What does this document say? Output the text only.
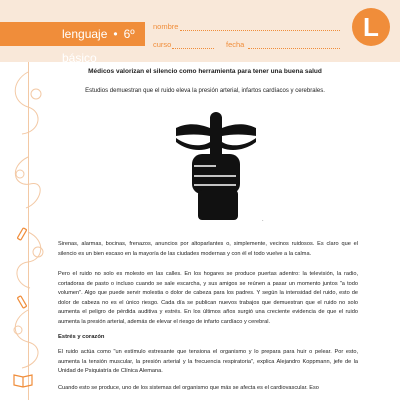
lenguaje • 6º básico
nombre
curso	fecha
L
Médicos valorizan el silencio como herramienta para tener una buena salud
Estudios demuestran que el ruido eleva la presión arterial, infartos cardíacos y cerebrales.
·
Sirenas, alarmas, bocinas, frenazos, anuncios por altoparlantes o, simplemente, vecinos ruidosos. Es claro que el silencio es un bien escaso en la mayoría de las ciudades modernas y con él el todo vuelve a la calma.
Pero el ruido no solo es molesto en las calles. En los hogares se produce puertas adentro: la televisión, la radio, cortadoras de pasto o incluso cuando se sale escarcha, y sus amigos se reúnen a pasar un momento juntos "a todo volumen". Algo que puede servir molestia o dolor de cabeza para los padres. Y según la intensidad del ruido, esto de dolor de cabeza no es el único riesgo. Cada día se publican nuevos trabajos que demuestran que el ruido no solo aumenta el peligro de pérdida auditiva y estrés. En los últimos años surgió una creciente evidencia de que el ruido aumenta la presión arterial, además de elevar el riesgo de infarto cardíaco y cerebral.
Estrés y corazón
El ruido actúa como "un estímulo estresante que tensiona el organismo y lo prepara para huir o pelear. Por esto, aumenta la tensión muscular, la presión arterial y la frecuencia respiratoria", explica Alejandro Koppmann, jefe de la Unidad de Psiquiatría de Clínica Alemana.
Cuando esto se produce, uno de los sistemas del organismo que más se afecta es el cardiovascular. Eso
